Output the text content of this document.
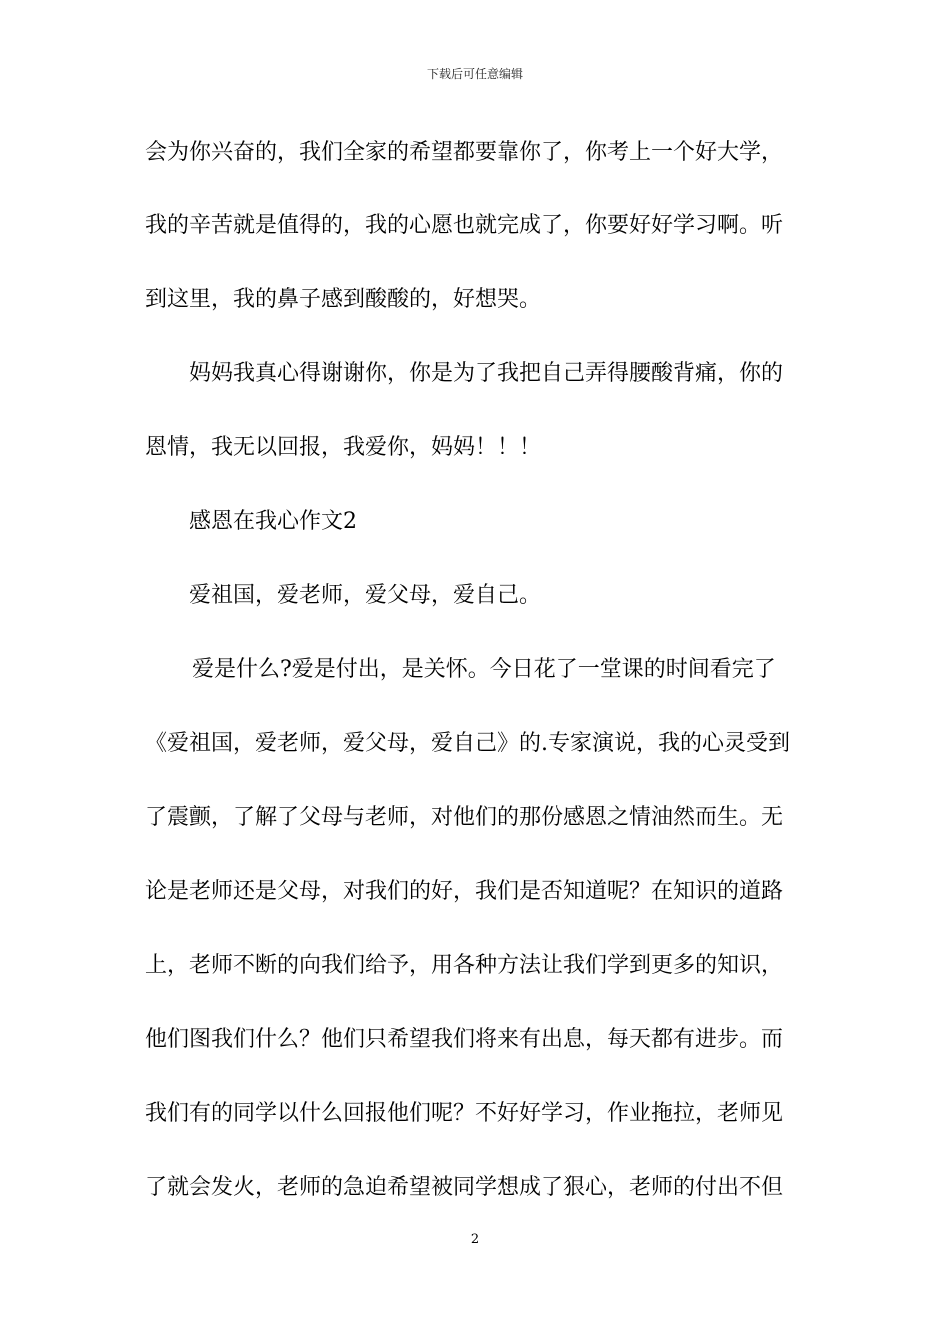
下载后可任意编辑
会为你兴奋的，我们全家的希望都要靠你了，你考上一个好大学，
我的辛苦就是值得的，我的心愿也就完成了，你要好好学习啊。听
到这里，我的鼻子感到酸酸的，好想哭。
妈妈我真心得谢谢你，你是为了我把自己弄得腰酸背痛，你的
恩情，我无以回报，我爱你，妈妈！！！
感恩在我心作文2
爱祖国，爱老师，爱父母，爱自己。
爱是什么?爱是付出，是关怀。今日花了一堂课的时间看完了
《爱祖国，爱老师，爱父母，爱自己》的.专家演说，我的心灵受到
了震颤，了解了父母与老师，对他们的那份感恩之情油然而生。无
论是老师还是父母，对我们的好，我们是否知道呢？在知识的道路
上，老师不断的向我们给予，用各种方法让我们学到更多的知识，
他们图我们什么？他们只希望我们将来有出息，每天都有进步。而
我们有的同学以什么回报他们呢？不好好学习，作业拖拉，老师见
了就会发火，老师的急迫希望被同学想成了狠心，老师的付出不但
2
